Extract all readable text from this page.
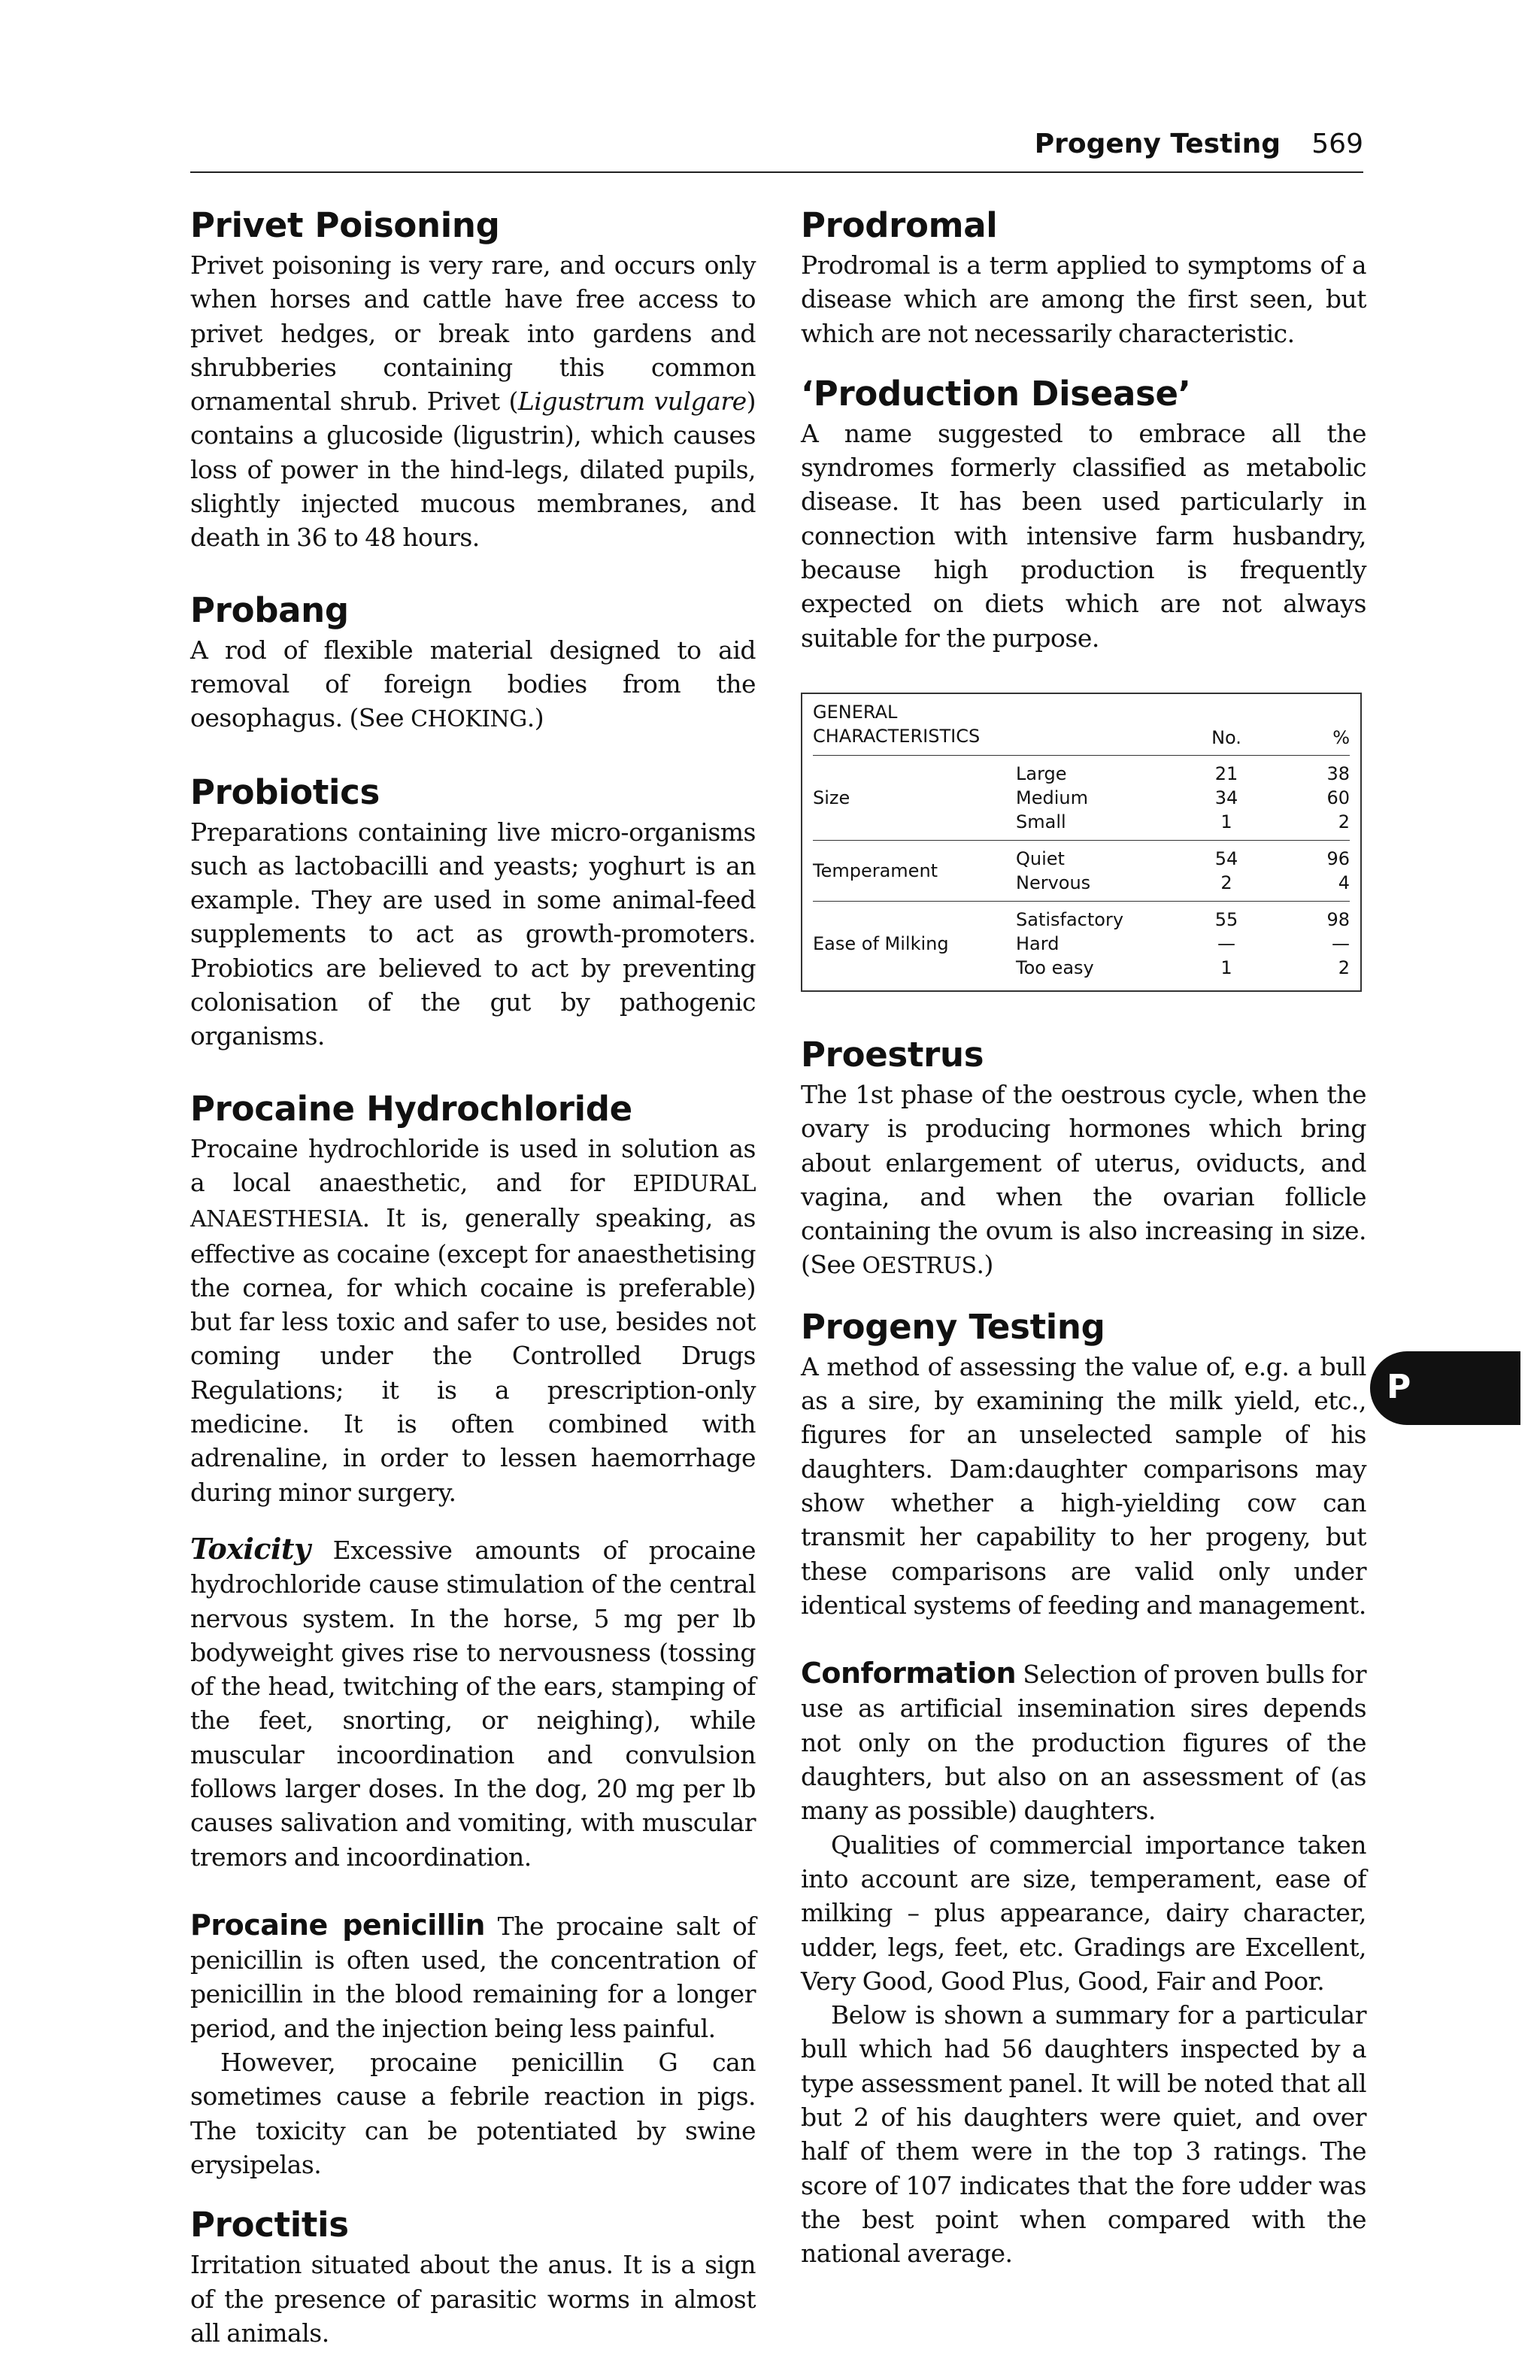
Progeny Testing 569
Privet Poisoning

Privet poisoning is very rare, and occurs only when horses and cattle have free access to privet hedges, or break into gardens and shrubberies containing this common ornamental shrub. Privet (Ligustrum vulgare) contains a glucoside (ligustrin), which causes loss of power in the hind-legs, dilated pupils, slightly injected mucous membranes, and death in 36 to 48 hours.

Probang

A rod of flexible material designed to aid removal of foreign bodies from the oesophagus. (See CHOKING.)

Probiotics

Preparations containing live micro-organisms such as lactobacilli and yeasts; yoghurt is an example. They are used in some animal-feed supplements to act as growth-promoters. Probiotics are believed to act by preventing colonisation of the gut by pathogenic organisms.

Procaine Hydrochloride

Procaine hydrochloride is used in solution as a local anaesthetic, and for EPIDURAL ANAESTHESIA. It is, generally speaking, as effective as cocaine (except for anaesthetising the cornea, for which cocaine is preferable) but far less toxic and safer to use, besides not coming under the Controlled Drugs Regulations; it is a prescription-only medicine. It is often combined with adrenaline, in order to lessen haemorrhage during minor surgery.

Toxicity Excessive amounts of procaine hydrochloride cause stimulation of the central nervous system. In the horse, 5 mg per lb bodyweight gives rise to nervousness (tossing of the head, twitching of the ears, stamping of the feet, snorting, or neighing), while muscular incoordination and convulsion follows larger doses. In the dog, 20 mg per lb causes salivation and vomiting, with muscular tremors and incoordination.

Procaine penicillin The procaine salt of penicillin is often used, the concentration of penicillin in the blood remaining for a longer period, and the injection being less painful.

However, procaine penicillin G can sometimes cause a febrile reaction in pigs. The toxicity can be potentiated by swine erysipelas.

Proctitis

Irritation situated about the anus. It is a sign of the presence of parasitic worms in almost all animals.

Prodromal

Prodromal is a term applied to symptoms of a disease which are among the first seen, but which are not necessarily characteristic.

‘Production Disease’

A name suggested to embrace all the syndromes formerly classified as metabolic disease. It has been used particularly in connection with intensive farm husbandry, because high production is frequently expected on diets which are not always suitable for the purpose.

GENERAL
CHARACTERISTICS	No.	%
Size
Large	21	38
Medium	34	60
Small	1	2
Temperament
Quiet	54	96
Nervous	2	4
Ease of Milking
Satisfactory	55	98
Hard	—	—
Too easy	1	2
Proestrus

The 1st phase of the oestrous cycle, when the ovary is producing hormones which bring about enlargement of uterus, oviducts, and vagina, and when the ovarian follicle containing the ovum is also increasing in size. (See OESTRUS.)

Progeny Testing

A method of assessing the value of, e.g. a bull as a sire, by examining the milk yield, etc., figures for an unselected sample of his daughters. Dam:daughter comparisons may show whether a high-yielding cow can transmit her capability to her progeny, but these comparisons are valid only under identical systems of feeding and management.

Conformation Selection of proven bulls for use as artificial insemination sires depends not only on the production figures of the daughters, but also on an assessment of (as many as possible) daughters.

Qualities of commercial importance taken into account are size, temperament, ease of milking – plus appearance, dairy character, udder, legs, feet, etc. Gradings are Excellent, Very Good, Good Plus, Good, Fair and Poor.

Below is shown a summary for a particular bull which had 56 daughters inspected by a type assessment panel. It will be noted that all but 2 of his daughters were quiet, and over half of them were in the top 3 ratings. The score of 107 indicates that the fore udder was the best point when compared with the national average.

P
